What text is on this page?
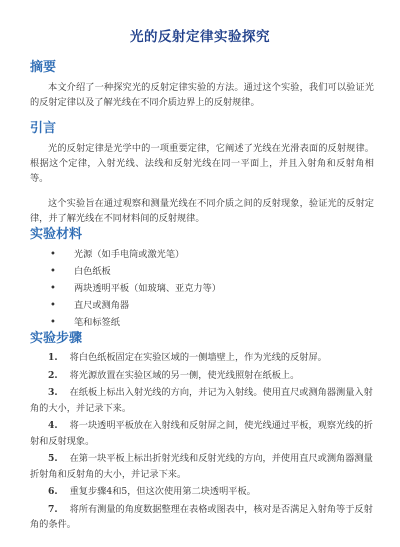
光的反射定律实验探究
摘要

本文介绍了一种探究光的反射定律实验的方法。通过这个实验，我们可以验证光的反射定律以及了解光线在不同介质边界上的反射规律。

引言

光的反射定律是光学中的一项重要定律，它阐述了光线在光滑表面的反射规律。根据这个定律，入射光线、法线和反射光线在同一平面上，并且入射角和反射角相等。

这个实验旨在通过观察和测量光线在不同介质之间的反射现象，验证光的反射定律，并了解光线在不同材料间的反射规律。

实验材料
• 光源（如手电筒或激光笔）
• 白色纸板
• 两块透明平板（如玻璃、亚克力等）
• 直尺或测角器
• 笔和标签纸
实验步骤
1. 将白色纸板固定在实验区域的一侧墙壁上，作为光线的反射屏。
2. 将光源放置在实验区域的另一侧，使光线照射在纸板上。
3. 在纸板上标出入射光线的方向，并记为入射线。使用直尺或测角器测量入射角的大小，并记录下来。
4. 将一块透明平板放在入射线和反射屏之间，使光线通过平板，观察光线的折射和反射现象。
5. 在第一块平板上标出折射光线和反射光线的方向，并使用直尺或测角器测量折射角和反射角的大小，并记录下来。
6. 重复步骤4和5，但这次使用第二块透明平板。
7. 将所有测量的角度数据整理在表格或图表中，核对是否满足入射角等于反射角的条件。
